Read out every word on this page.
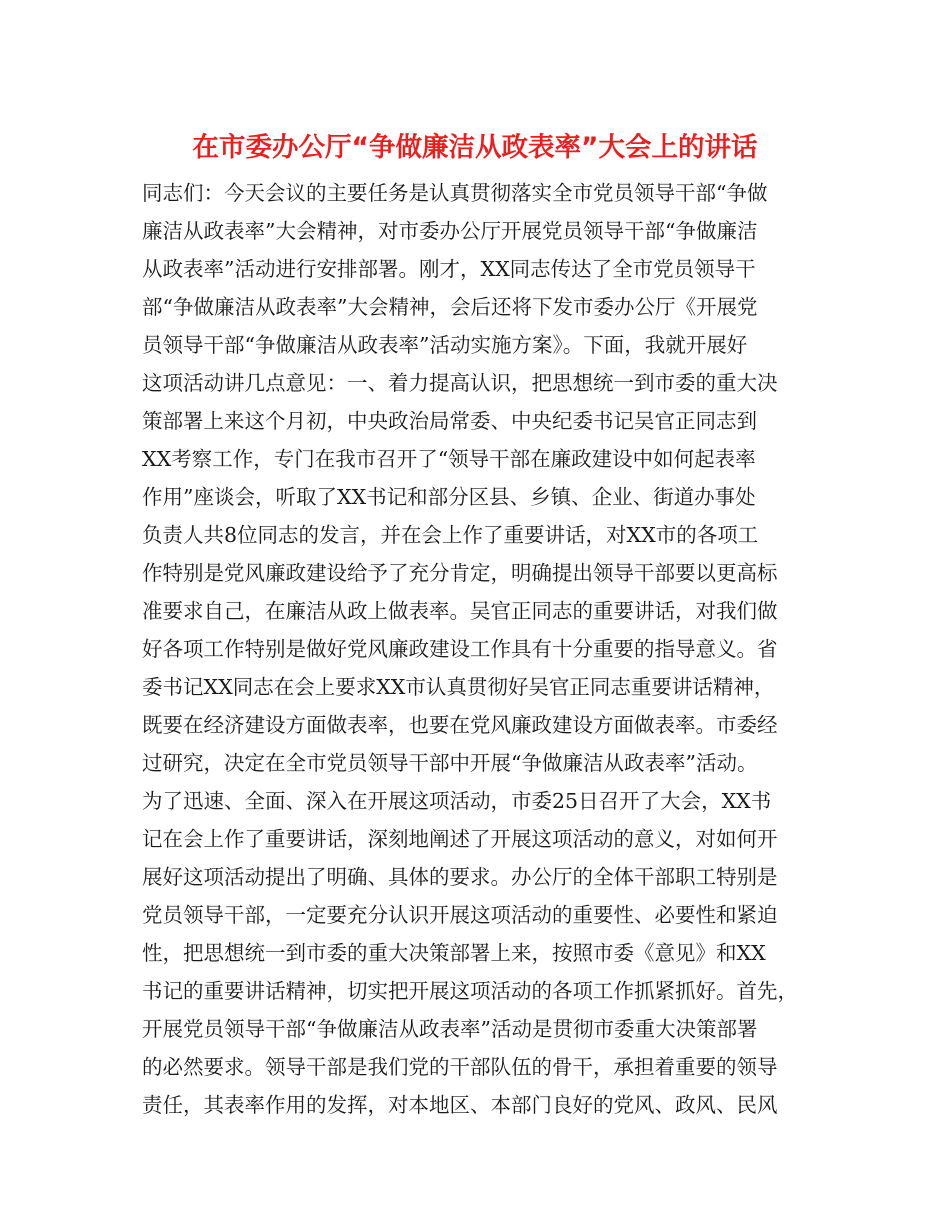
在市委办公厅“争做廉洁从政表率”大会上的讲话
同志们：今天会议的主要任务是认真贯彻落实全市党员领导干部“争做
廉洁从政表率”大会精神，对市委办公厅开展党员领导干部“争做廉洁
从政表率”活动进行安排部署。刚才，XX同志传达了全市党员领导干
部“争做廉洁从政表率”大会精神，会后还将下发市委办公厅《开展党
员领导干部“争做廉洁从政表率”活动实施方案》。下面，我就开展好
这项活动讲几点意见：一、着力提高认识，把思想统一到市委的重大决
策部署上来这个月初，中央政治局常委、中央纪委书记吴官正同志到
XX考察工作，专门在我市召开了“领导干部在廉政建设中如何起表率
作用”座谈会，听取了XX书记和部分区县、乡镇、企业、街道办事处
负责人共8位同志的发言，并在会上作了重要讲话，对XX市的各项工
作特别是党风廉政建设给予了充分肯定，明确提出领导干部要以更高标
准要求自己，在廉洁从政上做表率。吴官正同志的重要讲话，对我们做
好各项工作特别是做好党风廉政建设工作具有十分重要的指导意义。省
委书记XX同志在会上要求XX市认真贯彻好吴官正同志重要讲话精神，
既要在经济建设方面做表率，也要在党风廉政建设方面做表率。市委经
过研究，决定在全市党员领导干部中开展“争做廉洁从政表率”活动。
为了迅速、全面、深入在开展这项活动，市委25日召开了大会，XX书
记在会上作了重要讲话，深刻地阐述了开展这项活动的意义，对如何开
展好这项活动提出了明确、具体的要求。办公厅的全体干部职工特别是
党员领导干部，一定要充分认识开展这项活动的重要性、必要性和紧迫
性，把思想统一到市委的重大决策部署上来，按照市委《意见》和XX
书记的重要讲话精神，切实把开展这项活动的各项工作抓紧抓好。首先，
开展党员领导干部“争做廉洁从政表率”活动是贯彻市委重大决策部署
的必然要求。领导干部是我们党的干部队伍的骨干，承担着重要的领导
责任，其表率作用的发挥，对本地区、本部门良好的党风、政风、民风
